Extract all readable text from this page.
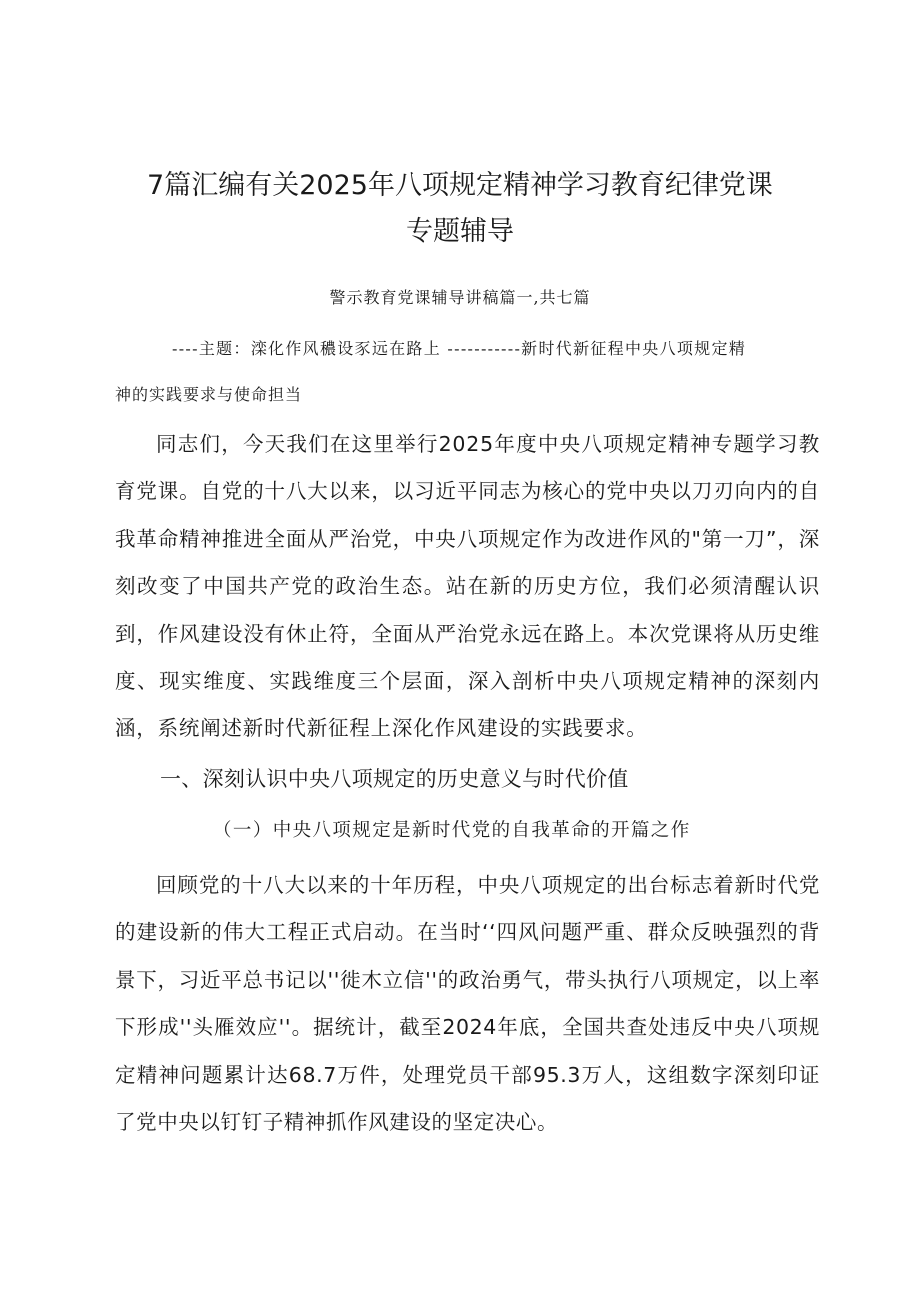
7篇汇编有关2025年八项规定精神学习教育纪律党课
专题辅导
警示教育党课辅导讲稿篇一,共七篇
----主题：滦化作风穠设豕远在路上 -----------新时代新征程中央八项规定精
神的实践要求与使命担当

同志们，今天我们在这里举行2025年度中央八项规定精神专题学习教育党课。自党的十八大以来，以习近平同志为核心的党中央以刀刃向内的自我革命精神推进全面从严治党，中央八项规定作为改进作风的"第一刀”，深刻改变了中国共产党的政治生态。站在新的历史方位，我们必须清醒认识到，作风建设没有休止符，全面从严治党永远在路上。本次党课将从历史维度、现实维度、实践维度三个层面，深入剖析中央八项规定精神的深刻内涵，系统阐述新时代新征程上深化作风建设的实践要求。

一、深刻认识中央八项规定的历史意义与时代价值
（一）中央八项规定是新时代党的自我革命的开篇之作

回顾党的十八大以来的十年历程，中央八项规定的出台标志着新时代党的建设新的伟大工程正式启动。在当时‘‘四风问题严重、群众反映强烈的背景下，习近平总书记以''徙木立信''的政治勇气，带头执行八项规定，以上率下形成''头雁效应''。据统计，截至2024年底，全国共查处违反中央八项规定精神问题累计达68.7万件，处理党员干部95.3万人，这组数字深刻印证了党中央以钉钉子精神抓作风建设的坚定决心。
